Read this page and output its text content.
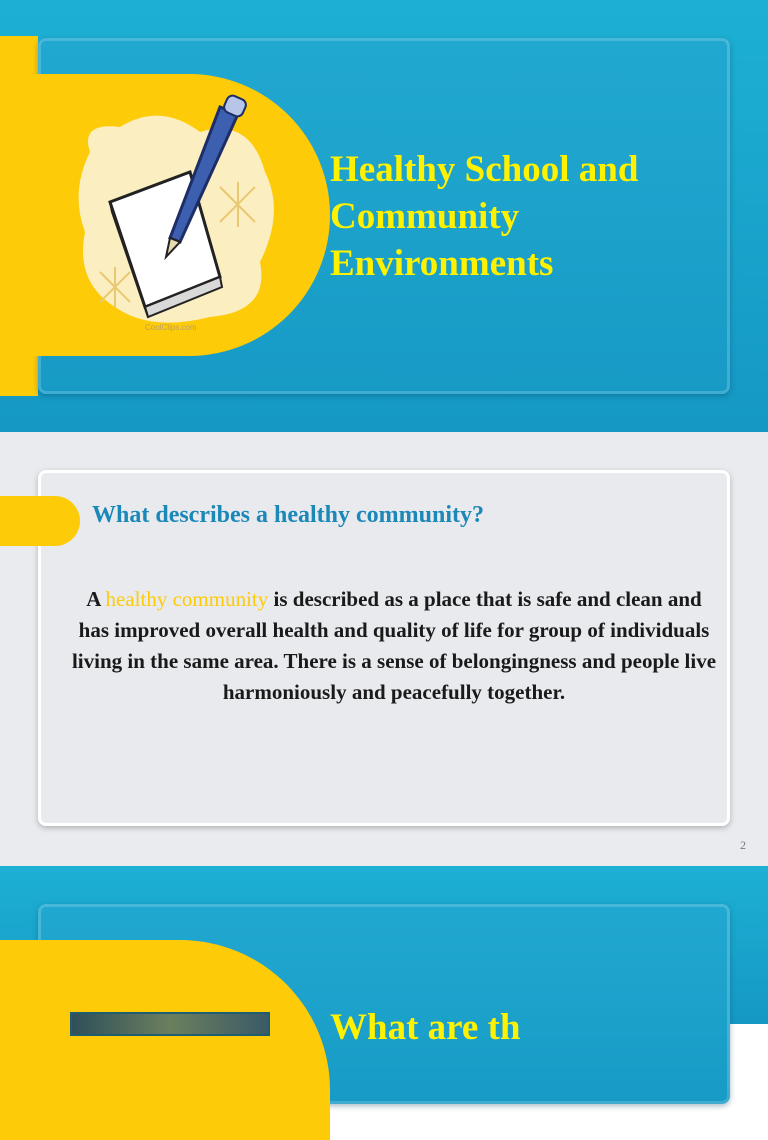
CoolClips.com
Healthy School and
Community
Environments
What describes a healthy community?

A healthy community is described as a place that is safe and clean and has improved overall health and quality of life for group of individuals living in the same area. There is a sense of belongingness and people live harmoniously and peacefully together.

2
What are th
